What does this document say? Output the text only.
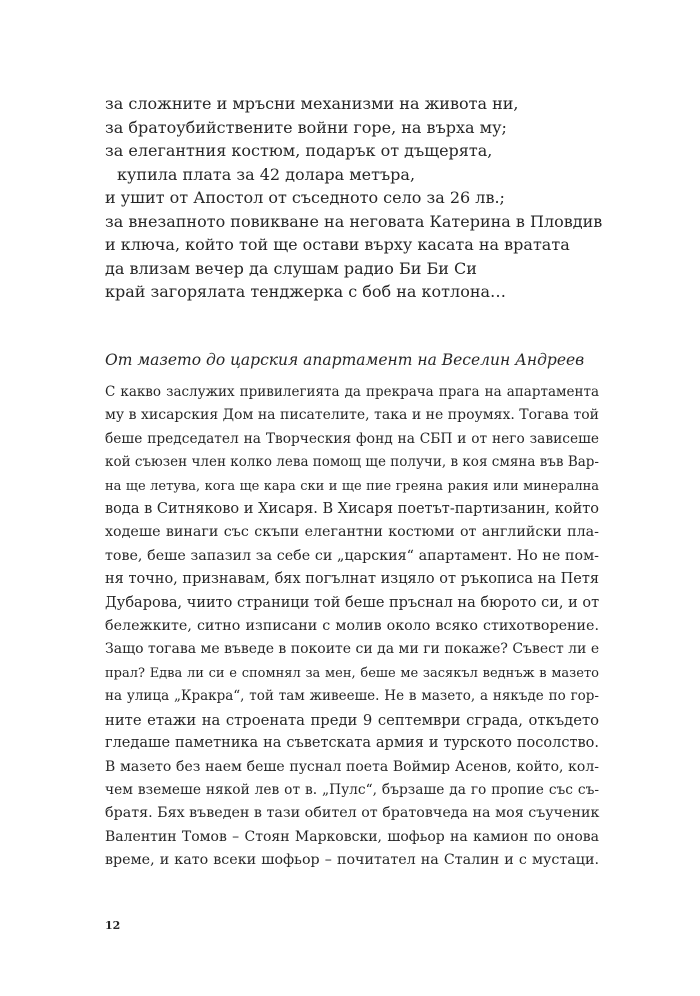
за сложните и мръсни механизми на живота ни,
за братоубийствените войни горе, на върха му;
за елегантния костюм, подарък от дъщерята,
купила плата за 42 долара метъра,
и ушит от Апостол от съседното село за 26 лв.;
за внезапното повикване на неговата Катерина в Пловдив
и ключа, който той ще остави върху касата на вратата
да влизам вечер да слушам радио Би Би Си
край загорялата тенджерка с боб на котлона…
От мазето до царския апартамент на Веселин Андреев
С какво заслужих привилегията да прекрача прага на апартамента
му в хисарския Дом на писателите, така и не проумях. Тогава той
беше председател на Творческия фонд на СБП и от него зависеше
кой съюзен член колко лева помощ ще получи, в коя смяна във Вар-
на ще летува, кога ще кара ски и ще пие грeяна ракия или минерална
вода в Ситняково и Хисаря. В Хисаря поетът-партизанин, който
ходеше винаги със скъпи елегантни костюми от английски пла-
тове, беше запазил за себе си „царския“ апартамент. Но не пом-
ня точно, признавам, бях погълнат изцяло от ръкописа на Петя
Дубарова, чиито страници той беше пръснал на бюрото си, и от
бележките, ситно изписани с молив около всяко стихотворение.
Защо тогава ме въведе в покоите си да ми ги покаже? Съвест ли е
прал? Едва ли си е спомнял за мен, беше ме засякъл веднъж в мазето
на улица „Кракра“, той там живееше. Не в мазето, а някъде по гор-
ните етажи на строената преди 9 септември сграда, откъдето
гледаше паметника на съветската армия и турското посолство.
В мазето без наем беше пуснал поета Воймир Асенов, който, кол-
чем вземеше някой лев от в. „Пулс“, бързаше да го пропие със съ-
братя. Бях въведен в тази обител от братовчеда на моя съученик
Валентин Томов – Стоян Марковски, шофьор на камион по онова
време, и като всеки шофьор – почитател на Сталин и с мустаци.
12
